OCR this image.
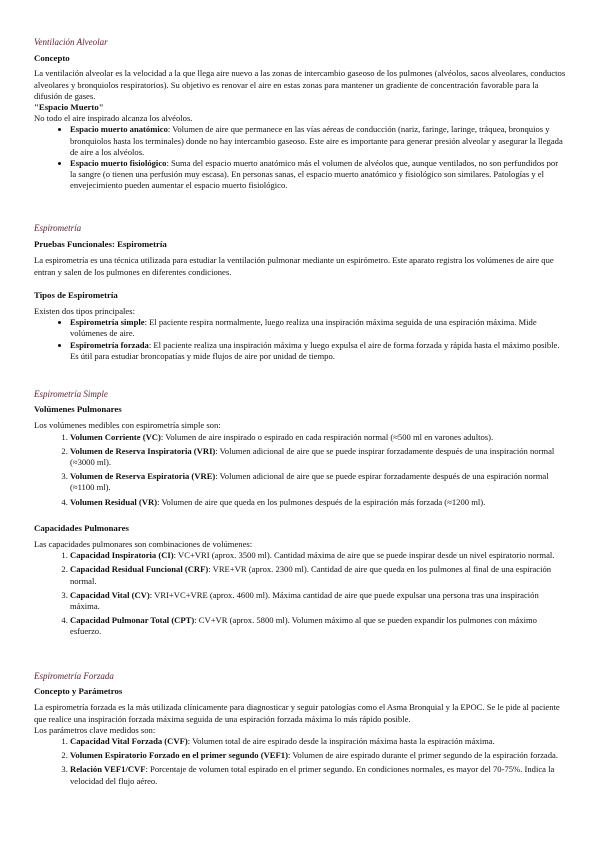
Ventilación Alveolar

Concepto

La ventilación alveolar es la velocidad a la que llega aire nuevo a las zonas de intercambio gaseoso de los pulmones (alvéolos, sacos alveolares, conductos alveolares y bronquiolos respiratorios). Su objetivo es renovar el aire en estas zonas para mantener un gradiente de concentración favorable para la difusión de gases.

"Espacio Muerto"

No todo el aire inspirado alcanza los alvéolos.

• Espacio muerto anatómico: Volumen de aire que permanece en las vías aéreas de conducción (nariz, faringe, laringe, tráquea, bronquios y bronquiolos hasta los terminales) donde no hay intercambio gaseoso. Este aire es importante para generar presión alveolar y asegurar la llegada de aire a los alvéolos.
• Espacio muerto fisiológico: Suma del espacio muerto anatómico más el volumen de alvéolos que, aunque ventilados, no son perfundidos por la sangre (o tienen una perfusión muy escasa). En personas sanas, el espacio muerto anatómico y fisiológico son similares. Patologías y el envejecimiento pueden aumentar el espacio muerto fisiológico.

Espirometría

Pruebas Funcionales: Espirometría

La espirometría es una técnica utilizada para estudiar la ventilación pulmonar mediante un espirómetro. Este aparato registra los volúmenes de aire que entran y salen de los pulmones en diferentes condiciones.

Tipos de Espirometría

Existen dos tipos principales:

• Espirometría simple: El paciente respira normalmente, luego realiza una inspiración máxima seguida de una espiración máxima. Mide volúmenes de aire.
• Espirometría forzada: El paciente realiza una inspiración máxima y luego expulsa el aire de forma forzada y rápida hasta el máximo posible. Es útil para estudiar broncopatías y mide flujos de aire por unidad de tiempo.

Espirometría Simple

Volúmenes Pulmonares

Los volúmenes medibles con espirometría simple son:

1. Volumen Corriente (VC): Volumen de aire inspirado o espirado en cada respiración normal (≈500 ml en varones adultos).
2. Volumen de Reserva Inspiratoria (VRI): Volumen adicional de aire que se puede inspirar forzadamente después de una inspiración normal (≈3000 ml).
3. Volumen de Reserva Espiratoria (VRE): Volumen adicional de aire que se puede espirar forzadamente después de una espiración normal (≈1100 ml).
4. Volumen Residual (VR): Volumen de aire que queda en los pulmones después de la espiración más forzada (≈1200 ml).

Capacidades Pulmonares

Las capacidades pulmonares son combinaciones de volúmenes:

1. Capacidad Inspiratoria (CI): VC+VRI (aprox. 3500 ml). Cantidad máxima de aire que se puede inspirar desde un nivel espiratorio normal.
2. Capacidad Residual Funcional (CRF): VRE+VR (aprox. 2300 ml). Cantidad de aire que queda en los pulmones al final de una espiración normal.
3. Capacidad Vital (CV): VRI+VC+VRE (aprox. 4600 ml). Máxima cantidad de aire que puede expulsar una persona tras una inspiración máxima.
4. Capacidad Pulmonar Total (CPT): CV+VR (aprox. 5800 ml). Volumen máximo al que se pueden expandir los pulmones con máximo esfuerzo.

Espirometría Forzada

Concepto y Parámetros

La espirometría forzada es la más utilizada clínicamente para diagnosticar y seguir patologías como el Asma Bronquial y la EPOC. Se le pide al paciente que realice una inspiración forzada máxima seguida de una espiración forzada máxima lo más rápido posible.

Los parámetros clave medidos son:

1. Capacidad Vital Forzada (CVF): Volumen total de aire espirado desde la inspiración máxima hasta la espiración máxima.
2. Volumen Espiratorio Forzado en el primer segundo (VEF1): Volumen de aire espirado durante el primer segundo de la espiración forzada.
3. Relación VEF1/CVF: Porcentaje de volumen total espirado en el primer segundo. En condiciones normales, es mayor del 70-75%. Indica la velocidad del flujo aéreo.
